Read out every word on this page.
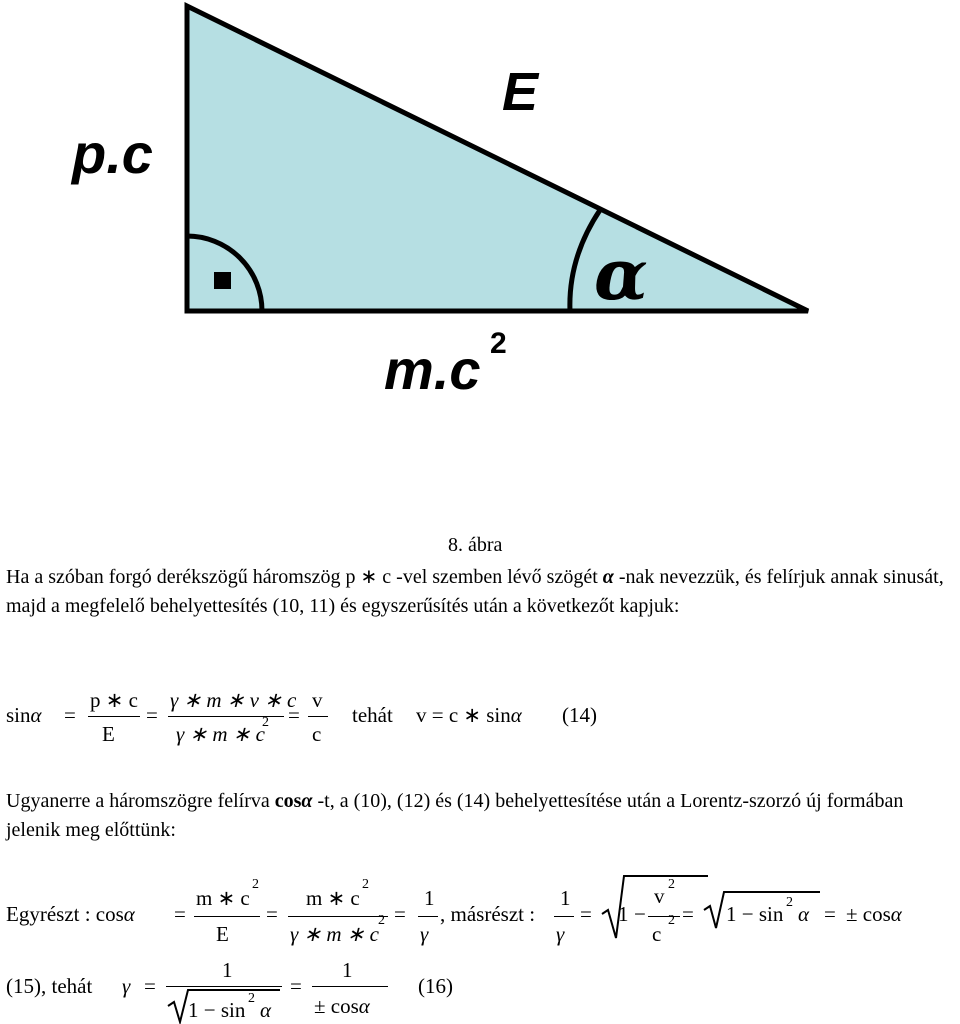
p.c
E
m.c 2
α
8. ábra
Ha a szóban forgó derékszögű háromszög p ∗ c -vel szemben lévő szögét α -nak nevezzük, és felírjuk annak sinusát, majd a megfelelő behelyettesítés (10, 11) és egyszerűsítés után a következőt kapjuk:
sinα =
p ∗ c
E
=
γ ∗ m ∗ v ∗ c
γ ∗ m ∗ c
2 =
v
c
tehát v = c ∗ sinα (14)
Ugyanerre a háromszögre felírva cosα -t, a (10), (12) és (14) behelyettesítése után a Lorentz-szorzó új formában jelenik meg előttünk:
Egyrészt : cosα =
m ∗ c
2
E
=
m ∗ c
2
γ ∗ m ∗ c
2 =
1
γ
, másrészt :
1
γ
= 1 −
v 2
c
2 = 1 − sin 2 α = ± cosα
(15), tehát γ =
1
1 − sin 2 α
=
1
± cosα
(16)
